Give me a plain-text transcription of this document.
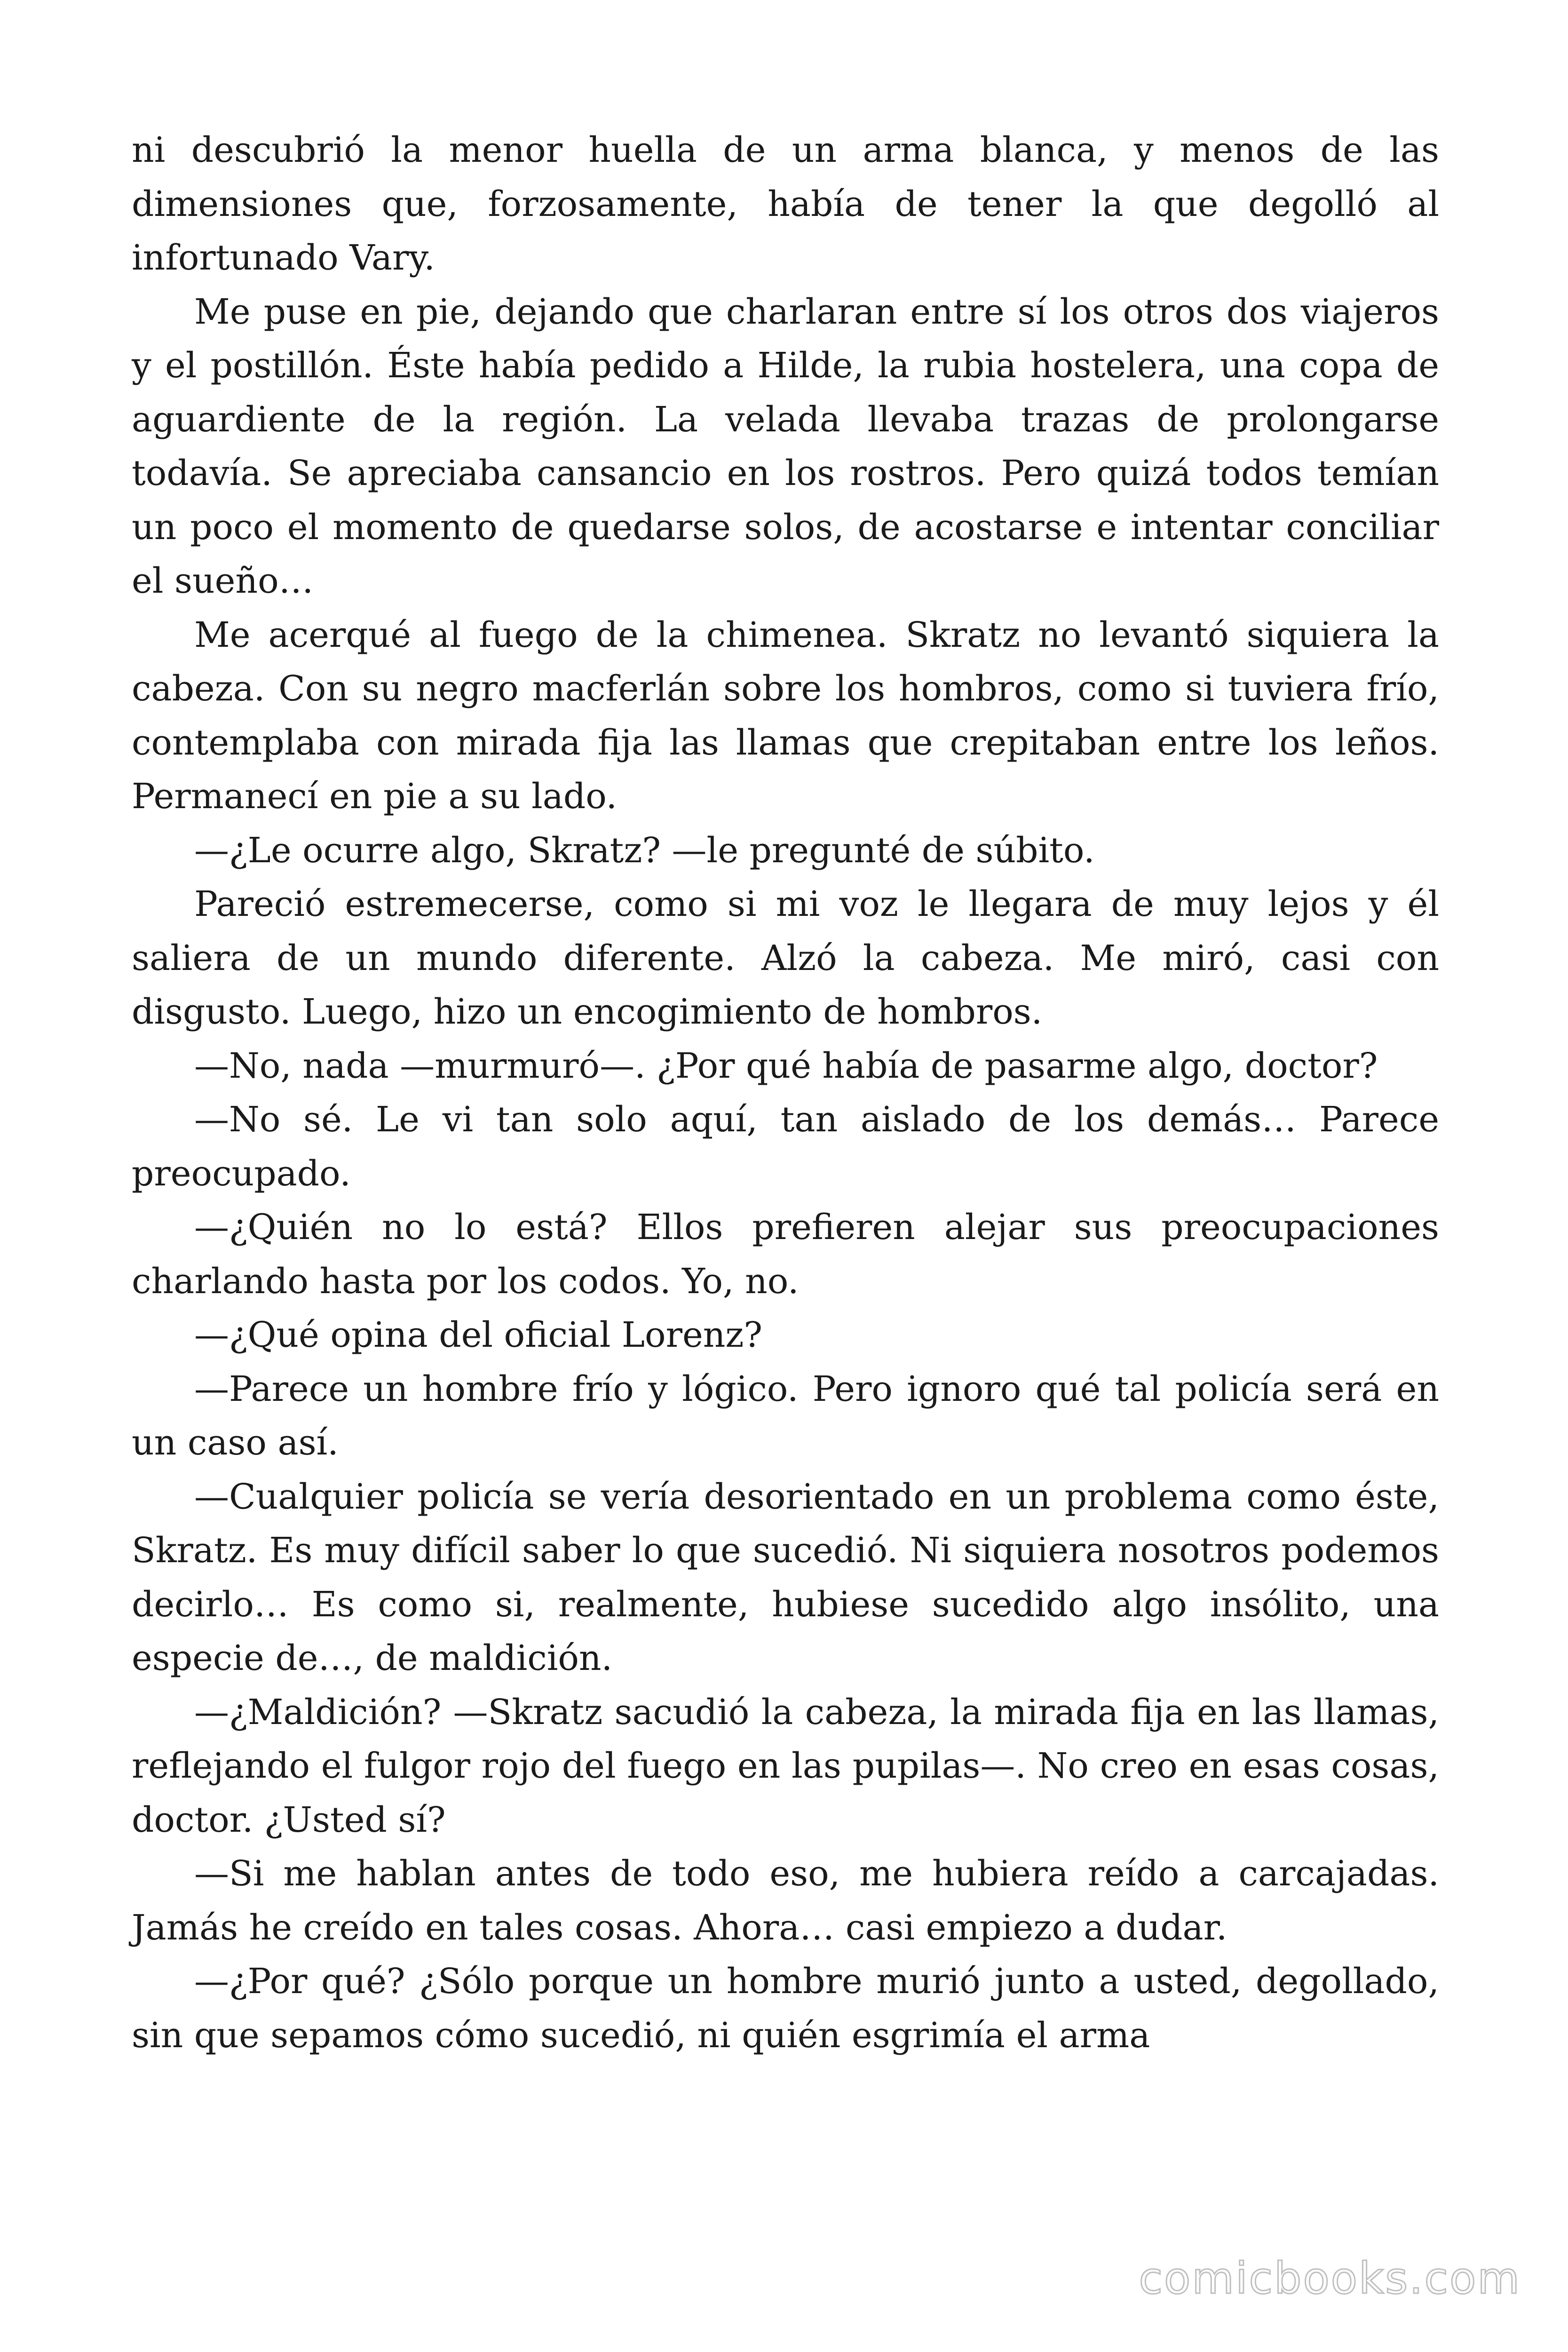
ni descubrió la menor huella de un arma blanca, y menos de las dimensiones que, forzosamente, había de tener la que degolló al infortunado Vary.

Me puse en pie, dejando que charlaran entre sí los otros dos viajeros y el postillón. Éste había pedido a Hilde, la rubia hostelera, una copa de aguardiente de la región. La velada llevaba trazas de prolongarse todavía. Se apreciaba cansancio en los rostros. Pero quizá todos temían un poco el momento de quedarse solos, de acostarse e intentar conciliar el sueño…

Me acerqué al fuego de la chimenea. Skratz no levantó siquiera la cabeza. Con su negro macferlán sobre los hombros, como si tuviera frío, contemplaba con mirada fija las llamas que crepitaban entre los leños. Permanecí en pie a su lado.

—¿Le ocurre algo, Skratz? —le pregunté de súbito.

Pareció estremecerse, como si mi voz le llegara de muy lejos y él saliera de un mundo diferente. Alzó la cabeza. Me miró, casi con disgusto. Luego, hizo un encogimiento de hombros.

—No, nada —murmuró—. ¿Por qué había de pasarme algo, doctor?

—No sé. Le vi tan solo aquí, tan aislado de los demás… Parece preocupado.

—¿Quién no lo está? Ellos prefieren alejar sus preocupaciones charlando hasta por los codos. Yo, no.

—¿Qué opina del oficial Lorenz?

—Parece un hombre frío y lógico. Pero ignoro qué tal policía será en un caso así.

—Cualquier policía se vería desorientado en un problema como éste, Skratz. Es muy difícil saber lo que sucedió. Ni siquiera nosotros podemos decirlo… Es como si, realmente, hubiese sucedido algo insólito, una especie de…, de maldición.

—¿Maldición? —Skratz sacudió la cabeza, la mirada fija en las llamas, reflejando el fulgor rojo del fuego en las pupilas—. No creo en esas cosas, doctor. ¿Usted sí?

—Si me hablan antes de todo eso, me hubiera reído a carcajadas. Jamás he creído en tales cosas. Ahora… casi empiezo a dudar.

—¿Por qué? ¿Sólo porque un hombre murió junto a usted, degollado, sin que sepamos cómo sucedió, ni quién esgrimía el arma

comicbooks.com
